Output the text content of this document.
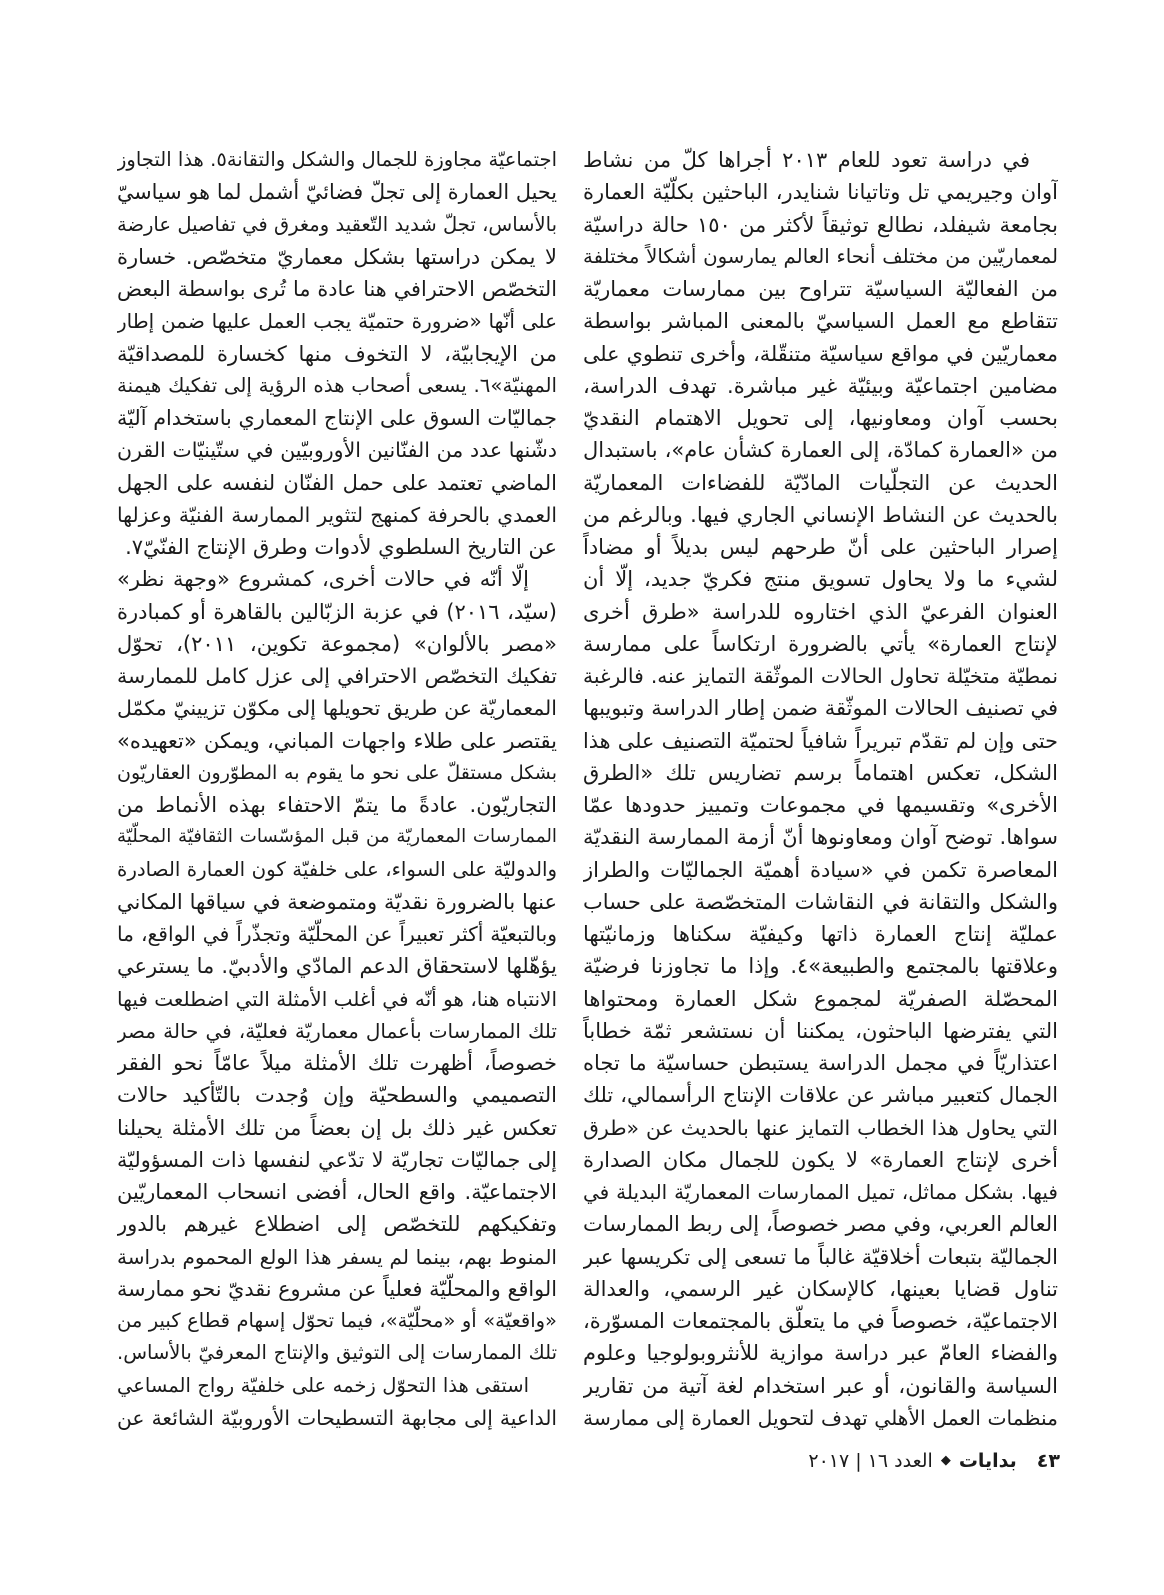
في دراسة تعود للعام ٢٠١٣ أجراها كلّ من نشاط
آوان وجيريمي تل وتاتيانا شنايدر، الباحثين بكلّيّة العمارة
بجامعة شيفلد، نطالع توثيقاً لأكثر من ١٥٠ حالة دراسيّة
لمعماريّين من مختلف أنحاء العالم يمارسون أشكالاً مختلفة
من الفعاليّة السياسيّة تتراوح بين ممارسات معماريّة
تتقاطع مع العمل السياسيّ بالمعنى المباشر بواسطة
معماريّين في مواقع سياسيّة متنقّلة، وأخرى تنطوي على
مضامين اجتماعيّة وبيئيّة غير مباشرة. تهدف الدراسة،
بحسب آوان ومعاونيها، إلى تحويل الاهتمام النقديّ
من «العمارة كمادّة، إلى العمارة كشأن عام»، باستبدال
الحديث عن التجلّيات المادّيّة للفضاءات المعماريّة
بالحديث عن النشاط الإنساني الجاري فيها. وبالرغم من
إصرار الباحثين على أنّ طرحهم ليس بديلاً أو مضاداً
لشيء ما ولا يحاول تسويق منتج فكريّ جديد، إلّا أن
العنوان الفرعيّ الذي اختاروه للدراسة «طرق أخرى
لإنتاج العمارة» يأتي بالضرورة ارتكاساً على ممارسة
نمطيّة متخيّلة تحاول الحالات الموثّقة التمايز عنه. فالرغبة
في تصنيف الحالات الموثّقة ضمن إطار الدراسة وتبويبها
حتى وإن لم تقدّم تبريراً شافياً لحتميّة التصنيف على هذا
الشكل، تعكس اهتماماً برسم تضاريس تلك «الطرق
الأخرى» وتقسيمها في مجموعات وتمييز حدودها عمّا
سواها. توضح آوان ومعاونوها أنّ أزمة الممارسة النقديّة
المعاصرة تكمن في «سيادة أهميّة الجماليّات والطراز
والشكل والتقانة في النقاشات المتخصّصة على حساب
عمليّة إنتاج العمارة ذاتها وكيفيّة سكناها وزمانيّتها
وعلاقتها بالمجتمع والطبيعة»٤. وإذا ما تجاوزنا فرضيّة
المحصّلة الصفريّة لمجموع شكل العمارة ومحتواها
التي يفترضها الباحثون، يمكننا أن نستشعر ثمّة خطاباً
اعتذاريّاً في مجمل الدراسة يستبطن حساسيّة ما تجاه
الجمال كتعبير مباشر عن علاقات الإنتاج الرأسمالي، تلك
التي يحاول هذا الخطاب التمايز عنها بالحديث عن «طرق
أخرى لإنتاج العمارة» لا يكون للجمال مكان الصدارة
فيها. بشكل مماثل، تميل الممارسات المعماريّة البديلة في
العالم العربي، وفي مصر خصوصاً، إلى ربط الممارسات
الجماليّة بتبعات أخلاقيّة غالباً ما تسعى إلى تكريسها عبر
تناول قضايا بعينها، كالإسكان غير الرسمي، والعدالة
الاجتماعيّة، خصوصاً في ما يتعلّق بالمجتمعات المسوّرة،
والفضاء العامّ عبر دراسة موازية للأنثروبولوجيا وعلوم
السياسة والقانون، أو عبر استخدام لغة آتية من تقارير
منظمات العمل الأهلي تهدف لتحويل العمارة إلى ممارسة
اجتماعيّة مجاوزة للجمال والشكل والتقانة٥. هذا التجاوز
يحيل العمارة إلى تجلّ فضائيّ أشمل لما هو سياسيّ
بالأساس، تجلّ شديد التّعقيد ومغرق في تفاصيل عارضة
لا يمكن دراستها بشكل معماريّ متخصّص. خسارة
التخصّص الاحترافي هنا عادة ما تُرى بواسطة البعض
على أنّها «ضرورة حتميّة يجب العمل عليها ضمن إطار
من الإيجابيّة، لا التخوف منها كخسارة للمصداقيّة
المهنيّة»٦. يسعى أصحاب هذه الرؤية إلى تفكيك هيمنة
جماليّات السوق على الإنتاج المعماري باستخدام آليّة
دشّنها عدد من الفنّانين الأوروبيّين في ستّينيّات القرن
الماضي تعتمد على حمل الفنّان لنفسه على الجهل
العمدي بالحرفة كمنهج لتثوير الممارسة الفنيّة وعزلها
عن التاريخ السلطوي لأدوات وطرق الإنتاج الفنّيّ٧.
إلّا أنّه في حالات أخرى، كمشروع «وجهة نظر»
(سيّد، ٢٠١٦) في عزبة الزبّالين بالقاهرة أو كمبادرة
«مصر بالألوان» (مجموعة تكوين، ٢٠١١)، تحوّل
تفكيك التخصّص الاحترافي إلى عزل كامل للممارسة
المعماريّة عن طريق تحويلها إلى مكوّن تزيينيّ مكمّل
يقتصر على طلاء واجهات المباني، ويمكن «تعهيده»
بشكل مستقلّ على نحو ما يقوم به المطوّرون العقاريّون
التجاريّون. عادةً ما يتمّ الاحتفاء بهذه الأنماط من
الممارسات المعماريّة من قبل المؤسّسات الثقافيّة المحلّيّة
والدوليّة على السواء، على خلفيّة كون العمارة الصادرة
عنها بالضرورة نقديّة ومتموضعة في سياقها المكاني
وبالتبعيّة أكثر تعبيراً عن المحلّيّة وتجذّراً في الواقع، ما
يؤهّلها لاستحقاق الدعم المادّي والأدبيّ. ما يسترعي
الانتباه هنا، هو أنّه في أغلب الأمثلة التي اضطلعت فيها
تلك الممارسات بأعمال معماريّة فعليّة، في حالة مصر
خصوصاً، أظهرت تلك الأمثلة ميلاً عامّاً نحو الفقر
التصميمي والسطحيّة وإن وُجدت بالتّأكيد حالات
تعكس غير ذلك بل إن بعضاً من تلك الأمثلة يحيلنا
إلى جماليّات تجاريّة لا تدّعي لنفسها ذات المسؤوليّة
الاجتماعيّة. واقع الحال، أفضى انسحاب المعماريّين
وتفكيكهم للتخصّص إلى اضطلاع غيرهم بالدور
المنوط بهم، بينما لم يسفر هذا الولع المحموم بدراسة
الواقع والمحلّيّة فعلياً عن مشروع نقديّ نحو ممارسة
«واقعيّة» أو «محلّيّة»، فيما تحوّل إسهام قطاع كبير من
تلك الممارسات إلى التوثيق والإنتاج المعرفيّ بالأساس.
استقى هذا التحوّل زخمه على خلفيّة رواج المساعي
الداعية إلى مجابهة التسطيحات الأوروبيّة الشائعة عن
٤٣
بدايات
◆
العدد ١٦ | ٢٠١٧
